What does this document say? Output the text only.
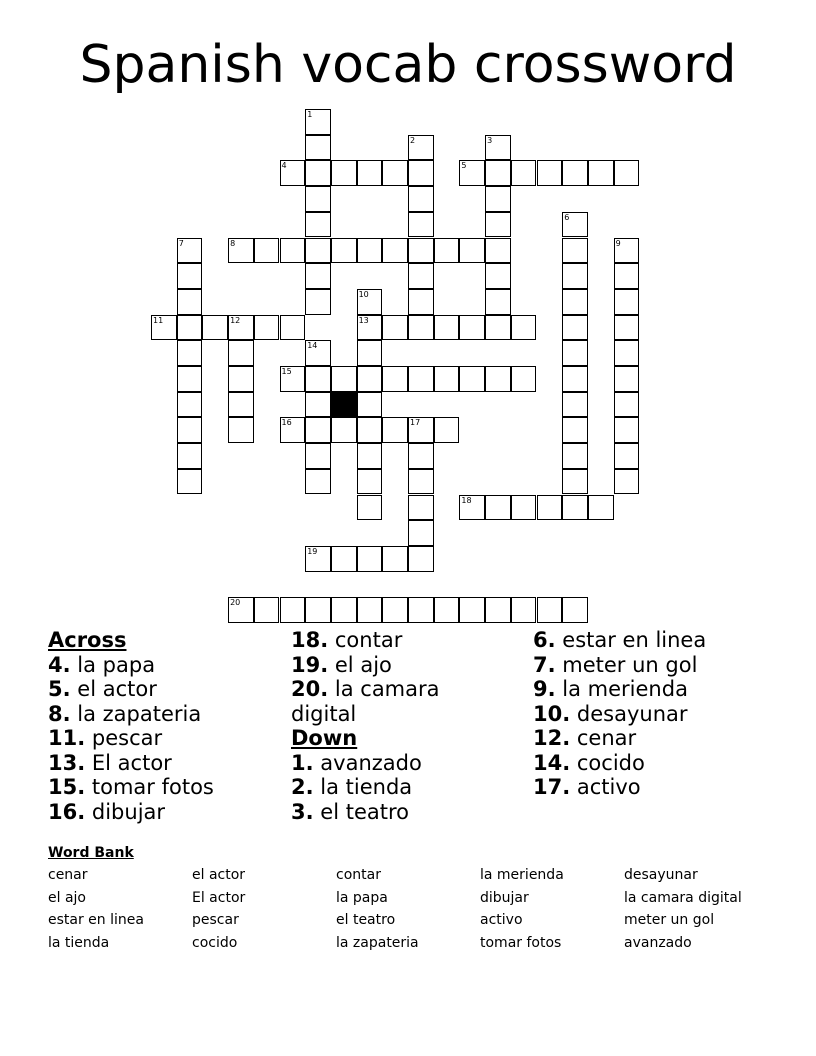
Spanish vocab crossword
1
2	3
4	5
6
7	8	9
10
11	12	13
14
15
16	17
18
19
20
Across
4. la papa
5. el actor
8. la zapateria
11. pescar
13. El actor
15. tomar fotos
16. dibujar
18. contar
19. el ajo
20. la camara digital
Down
1. avanzado
2. la tienda
3. el teatro
6. estar en linea
7. meter un gol
9. la merienda
10. desayunar
12. cenar
14. cocido
17. activo
Word Bank
cenar	el actor	contar	la merienda	desayunar
el ajo	El actor	la papa	dibujar	la camara digital
estar en linea	pescar	el teatro	activo	meter un gol
la tienda	cocido	la zapateria	tomar fotos	avanzado
